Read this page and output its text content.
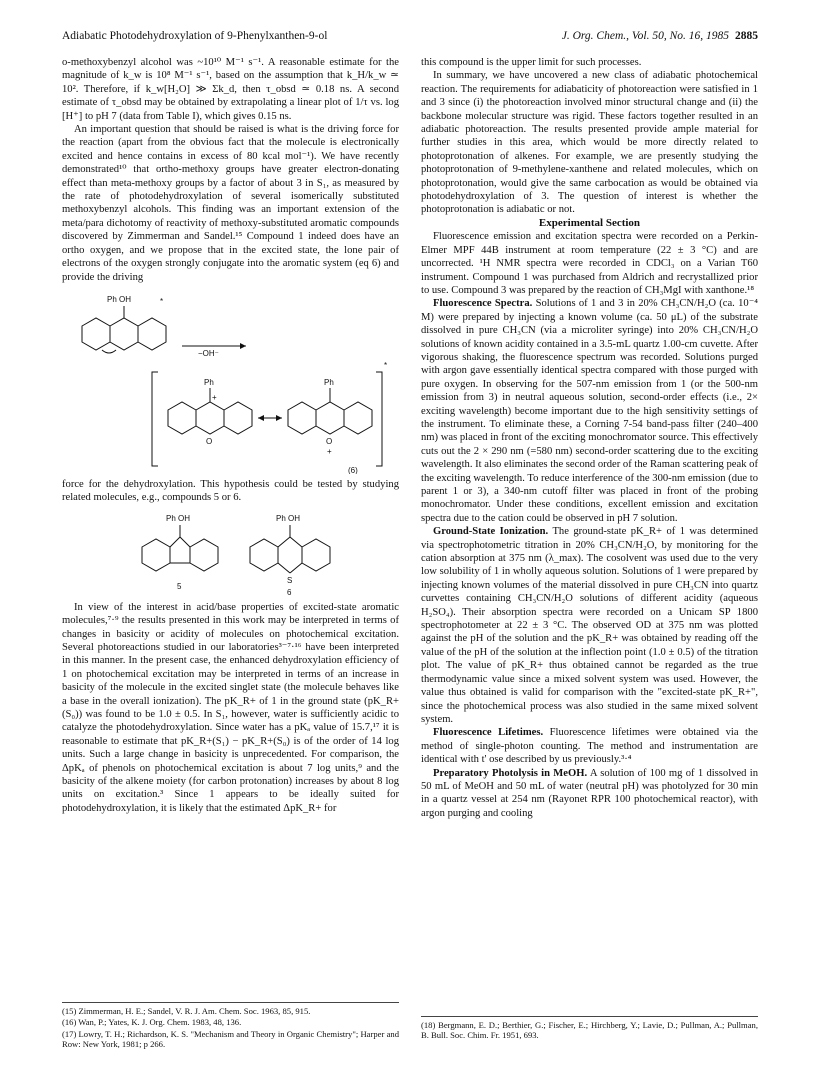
Adiabatic Photodehydroxylation of 9-Phenylxanthen-9-ol	J. Org. Chem., Vol. 50, No. 16, 1985 2885

o-methoxybenzyl alcohol was ~10¹⁰ M⁻¹ s⁻¹. A reasonable estimate for the magnitude of k_w is 10⁸ M⁻¹ s⁻¹, based on the assumption that k_H/k_w ≃ 10². Therefore, if k_w[H₂O] ≫ Σk_d, then τ_obsd ≃ 0.18 ns. A second estimate of τ_obsd may be obtained by extrapolating a linear plot of 1/τ vs. log [H⁺] to pH 7 (data from Table I), which gives 0.15 ns.

An important question that should be raised is what is the driving force for the reaction (apart from the obvious fact that the molecule is electronically excited and hence contains in excess of 80 kcal mol⁻¹). We have recently demonstrated¹⁰ that ortho-methoxy groups have greater electron-donating effect than meta-methoxy groups by a factor of about 3 in S₁, as measured by the rate of photodehydroxylation of several isomerically substituted methoxybenzyl alcohols. This finding was an important extension of the meta/para dichotomy of reactivity of methoxy-substituted aromatic compounds discovered by Zimmerman and Sandel.¹⁵ Compound 1 indeed does have an ortho oxygen, and we propose that in the excited state, the lone pair of electrons of the oxygen strongly conjugate into the aromatic system (eq 6) and provide the driving

Ph OH	*
−OH⁻
Ph
+
O
Ph
O
+
*
(6)

force for the dehydroxylation. This hypothesis could be tested by studying related molecules, e.g., compounds 5 or 6.

Ph OH
5
Ph OH
S
6

In view of the interest in acid/base properties of excited-state aromatic molecules,⁷·⁹ the results presented in this work may be interpreted in terms of changes in basicity or acidity of molecules on photochemical excitation. Several photoreactions studied in our laboratories³⁻⁷·¹⁶ have been interpreted in this manner. In the present case, the enhanced dehydroxylation efficiency of 1 on photochemical excitation may be interpreted in terms of an increase in basicity of the molecule in the excited singlet state (the molecule behaves like a base in the overall ionization). The pK_R+ of 1 in the ground state (pK_R+(S₀)) was found to be 1.0 ± 0.5. In S₁, however, water is sufficiently acidic to catalyze the photodehydroxylation. Since water has a pKₐ value of 15.7,¹⁷ it is reasonable to estimate that pK_R+(S₁) − pK_R+(S₀) is of the order of 14 log units. Such a large change in basicity is unprecedented. For comparison, the ΔpKₐ of phenols on photochemical excitation is about 7 log units,⁹ and the basicity of the alkene moiety (for carbon protonation) increases by about 8 log units on excitation.³ Since 1 appears to be ideally suited for photodehydroxylation, it is likely that the estimated ΔpK_R+ for

this compound is the upper limit for such processes.

In summary, we have uncovered a new class of adiabatic photochemical reaction. The requirements for adiabaticity of photoreaction were satisfied in 1 and 3 since (i) the photoreaction involved minor structural change and (ii) the backbone molecular structure was rigid. These factors together resulted in an adiabatic photoreaction. The results presented provide ample material for further studies in this area, which would be more directly related to photoprotonation of alkenes. For example, we are presently studying the photoprotonation of 9-methylene-xanthene and related molecules, which on photoprotonation, would give the same carbocation as would be obtained via photodehydroxylation of 3. The question of interest is whether the photoprotonation is adiabatic or not.

Experimental Section

Fluorescence emission and excitation spectra were recorded on a Perkin-Elmer MPF 44B instrument at room temperature (22 ± 3 °C) and are uncorrected. ¹H NMR spectra were recorded in CDCl₃ on a Varian T60 instrument. Compound 1 was purchased from Aldrich and recrystallized prior to use. Compound 3 was prepared by the reaction of CH₃MgI with xanthone.¹⁸

Fluorescence Spectra. Solutions of 1 and 3 in 20% CH₃CN/H₂O (ca. 10⁻⁴ M) were prepared by injecting a known volume (ca. 50 μL) of the substrate dissolved in pure CH₃CN (via a microliter syringe) into 20% CH₃CN/H₂O solutions of known acidity contained in a 3.5-mL quartz 1.00-cm cuvette. After vigorous shaking, the fluorescence spectrum was recorded. Solutions purged with argon gave essentially identical spectra compared with those purged with pure oxygen. In observing for the 507-nm emission from 1 (or the 500-nm emission from 3) in neutral aqueous solution, second-order effects (i.e., 2× exciting wavelength) become important due to the high sensitivity settings of the instrument. To eliminate these, a Corning 7-54 band-pass filter (240–400 nm) was placed in front of the exciting monochromator source. This effectively cuts out the 2 × 290 nm (=580 nm) second-order scattering due to the exciting wavelength. It also eliminates the second order of the Raman scattering peak of the exciting wavelength. To reduce interference of the 300-nm emission (due to parent 1 or 3), a 340-nm cutoff filter was placed in front of the probing monochromator. Under these conditions, excellent emission and excitation spectra due to the cation could be observed in pH 7 solution.

Ground-State Ionization. The ground-state pK_R+ of 1 was determined via spectrophotometric titration in 20% CH₃CN/H₂O, by monitoring for the cation absorption at 375 nm (λ_max). The cosolvent was used due to the very low solubility of 1 in wholly aqueous solution. Solutions of 1 were prepared by injecting known volumes of the material dissolved in pure CH₃CN into quartz curvettes containing CH₃CN/H₂O solutions of different acidity (aqueous H₂SO₄). Their absorption spectra were recorded on a Unicam SP 1800 spectrophotometer at 22 ± 3 °C. The observed OD at 375 nm was plotted against the pH of the solution and the pK_R+ was obtained by reading off the value of the pH of the solution at the inflection point (1.0 ± 0.5) of the titration plot. The value of pK_R+ thus obtained cannot be regarded as the true thermodynamic value since a mixed solvent system was used. However, the value thus obtained is valid for comparison with the "excited-state pK_R+", since the photochemical process was also studied in the same mixed solvent system.

Fluorescence Lifetimes. Fluorescence lifetimes were obtained via the method of single-photon counting. The method and instrumentation are identical with t' ose described by us previously.³·⁴

Preparatory Photolysis in MeOH. A solution of 100 mg of 1 dissolved in 50 mL of MeOH and 50 mL of water (neutral pH) was photolyzed for 30 min in a quartz vessel at 254 nm (Rayonet RPR 100 photochemical reactor), with argon purging and cooling

(15) Zimmerman, H. E.; Sandel, V. R. J. Am. Chem. Soc. 1963, 85, 915.
(16) Wan, P.; Yates, K. J. Org. Chem. 1983, 48, 136.
(17) Lowry, T. H.; Richardson, K. S. "Mechanism and Theory in Organic Chemistry"; Harper and Row: New York, 1981; p 266.
(18) Bergmann, E. D.; Berthier, G.; Fischer, E.; Hirchberg, Y.; Lavie, D.; Pullman, A.; Pullman, B. Bull. Soc. Chim. Fr. 1951, 693.
